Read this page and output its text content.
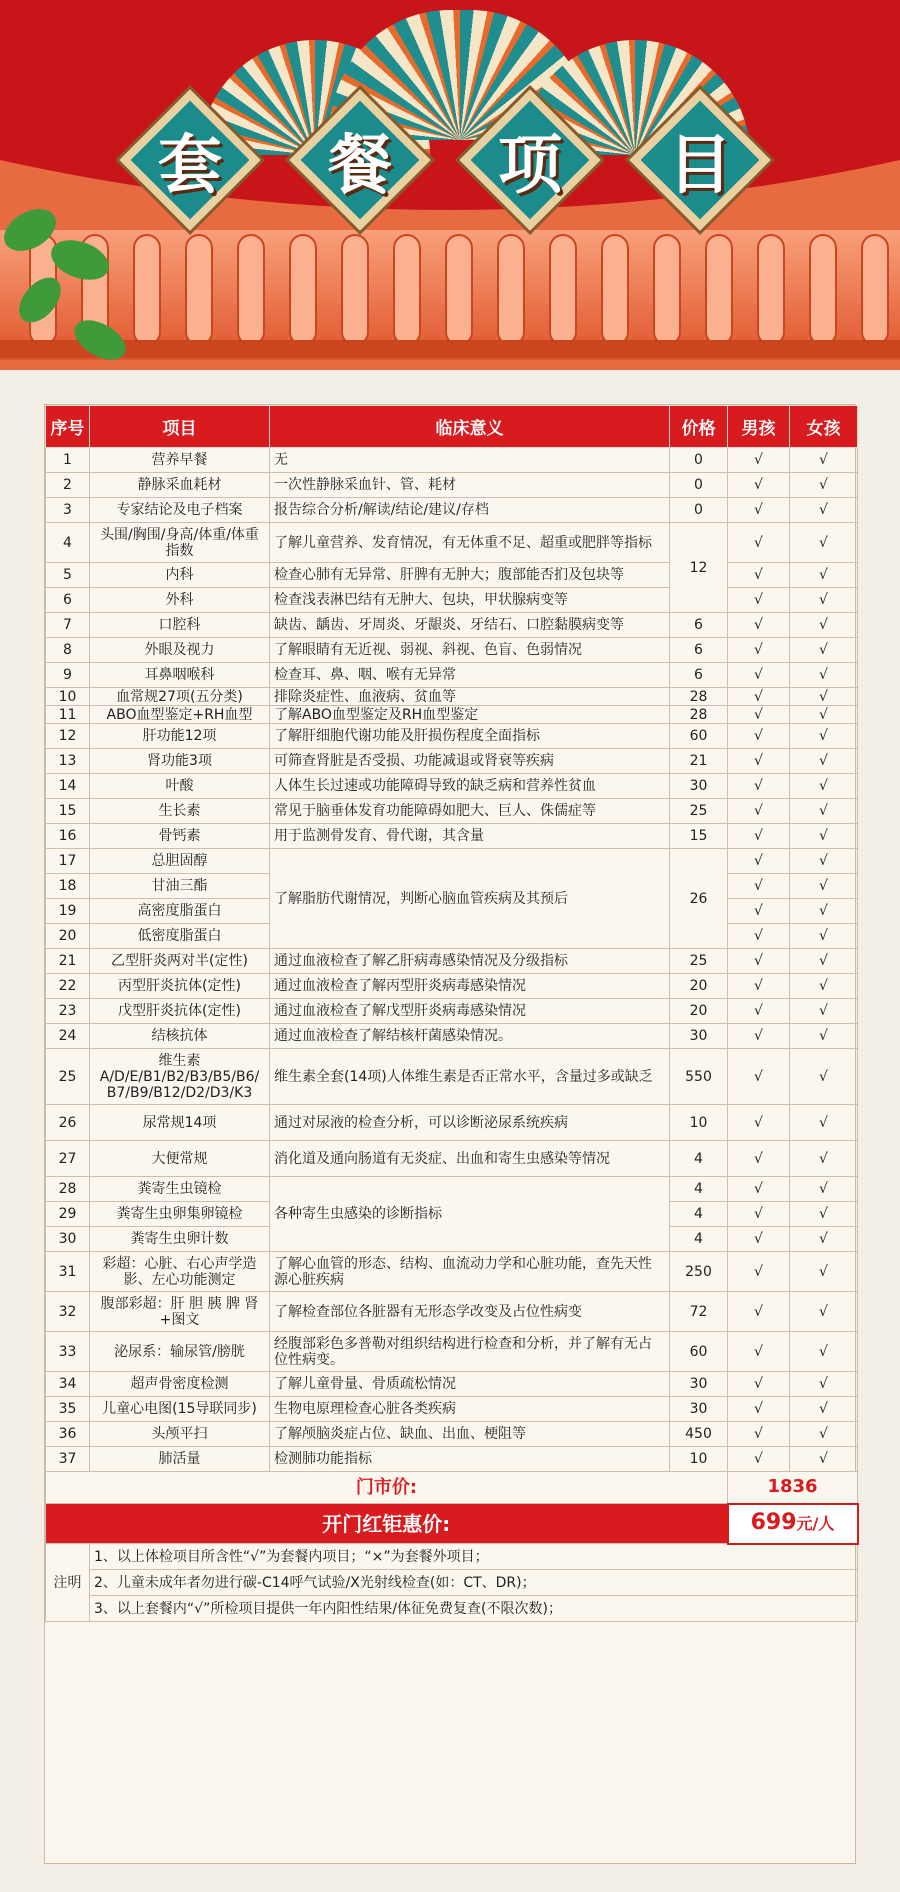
套	餐	项	目
序号	项目	临床意义	价格	男孩	女孩
1	营养早餐	无	0	√	√
2	静脉采血耗材	一次性静脉采血针、管、耗材	0	√	√
3	专家结论及电子档案	报告综合分析/解读/结论/建议/存档	0	√	√
4	头围/胸围/身高/体重/体重指数	了解儿童营养、发育情况，有无体重不足、超重或肥胖等指标	12	√	√
5	内科	检查心肺有无异常、肝脾有无肿大；腹部能否扪及包块等		√	√
6	外科	检查浅表淋巴结有无肿大、包块，甲状腺病变等		√	√
7	口腔科	缺齿、龋齿、牙周炎、牙龈炎、牙结石、口腔黏膜病变等	6	√	√
8	外眼及视力	了解眼睛有无近视、弱视、斜视、色盲、色弱情况	6	√	√
9	耳鼻咽喉科	检查耳、鼻、咽、喉有无异常	6	√	√
10	血常规27项(五分类)	排除炎症性、血液病、贫血等	28	√	√
11	ABO血型鉴定+RH血型	了解ABO血型鉴定及RH血型鉴定	28	√	√
12	肝功能12项	了解肝细胞代谢功能及肝损伤程度全面指标	60	√	√
13	肾功能3项	可筛查肾脏是否受损、功能减退或肾衰等疾病	21	√	√
14	叶酸	人体生长过速或功能障碍导致的缺乏病和营养性贫血	30	√	√
15	生长素	常见于脑垂体发育功能障碍如肥大、巨人、侏儒症等	25	√	√
16	骨钙素	用于监测骨发育、骨代谢，其含量	15	√	√
17	总胆固醇	了解脂肪代谢情况，判断心脑血管疾病及其预后	26	√	√
18	甘油三酯			√	√
19	高密度脂蛋白			√	√
20	低密度脂蛋白			√	√
21	乙型肝炎两对半(定性)	通过血液检查了解乙肝病毒感染情况及分级指标	25	√	√
22	丙型肝炎抗体(定性)	通过血液检查了解丙型肝炎病毒感染情况	20	√	√
23	戊型肝炎抗体(定性)	通过血液检查了解戊型肝炎病毒感染情况	20	√	√
24	结核抗体	通过血液检查了解结核杆菌感染情况。	30	√	√
25	维生素 A/D/E/B1/B2/B3/B5/B6/ B7/B9/B12/D2/D3/K3	维生素全套(14项)人体维生素是否正常水平，含量过多或缺乏	550	√	√
26	尿常规14项	通过对尿液的检查分析，可以诊断泌尿系统疾病	10	√	√
27	大便常规	消化道及通向肠道有无炎症、出血和寄生虫感染等情况	4	√	√
28	粪寄生虫镜检	各种寄生虫感染的诊断指标	4	√	√
29	粪寄生虫卵集卵镜检		4	√	√
30	粪寄生虫卵计数		4	√	√
31	彩超：心脏、右心声学造影、左心功能测定	了解心血管的形态、结构、血流动力学和心脏功能，查先天性源心脏疾病	250	√	√
32	腹部彩超：肝 胆 胰 脾 肾 +图文	了解检查部位各脏器有无形态学改变及占位性病变	72	√	√
33	泌尿系：输尿管/膀胱	经腹部彩色多普勒对组织结构进行检查和分析，并了解有无占位性病变。	60	√	√
34	超声骨密度检测	了解儿童骨量、骨质疏松情况	30	√	√
35	儿童心电图(15导联同步)	生物电原理检查心脏各类疾病	30	√	√
36	头颅平扫	了解颅脑炎症占位、缺血、出血、梗阻等	450	√	√
37	肺活量	检测肺功能指标	10	√	√
门市价:				1836	
开门红钜惠价:				699元/人	
注明	1、以上体检项目所含性“√”为套餐内项目；“×”为套餐外项目；				
	2、儿童未成年者勿进行碳-C14呼气试验/X光射线检查(如：CT、DR)；				
	3、以上套餐内“√”所检项目提供一年内阳性结果/体征免费复查(不限次数)；				
